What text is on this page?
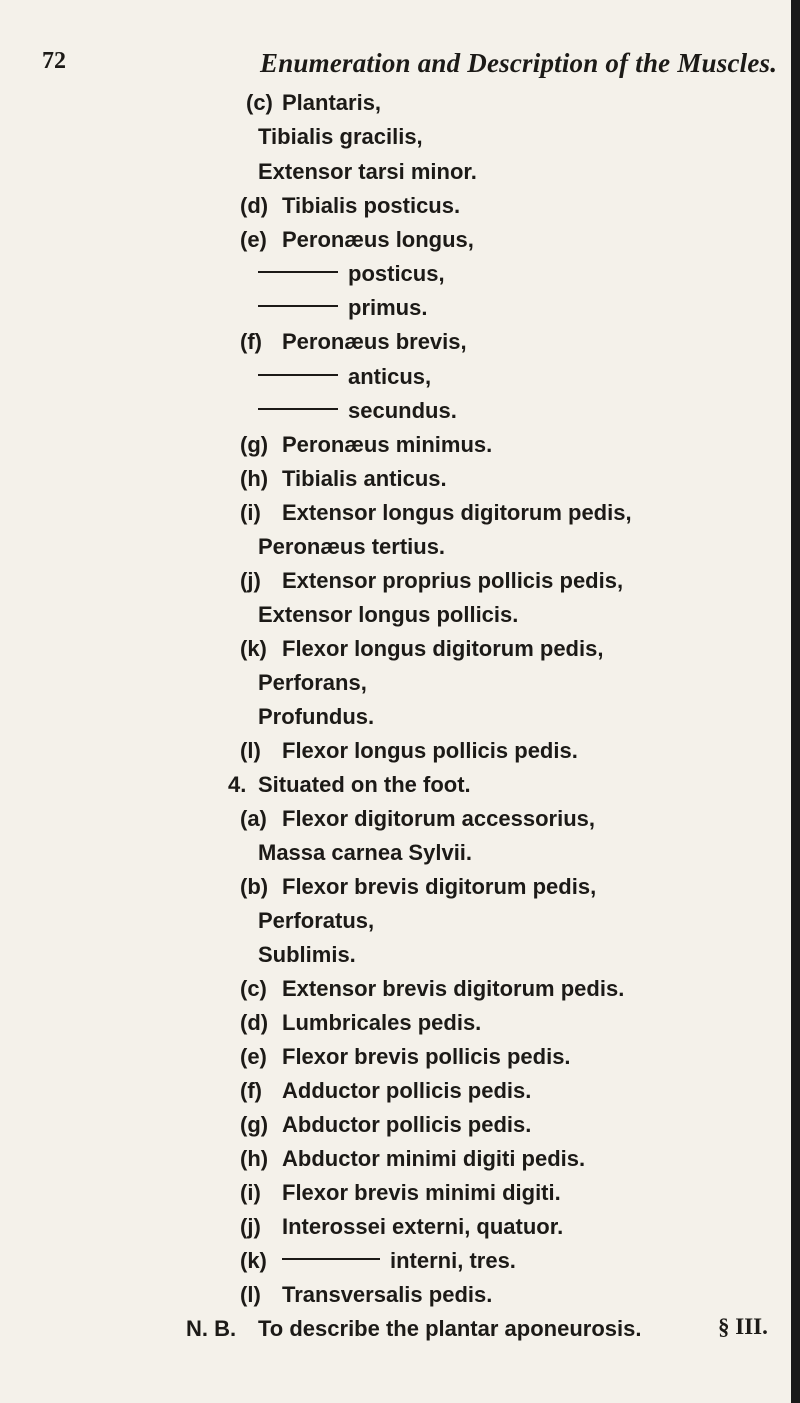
72	Enumeration and Description of the Muscles.
(c) Plantaris,
Tibialis gracilis,
Extensor tarsi minor.
(d) Tibialis posticus.
(e) Peronæus longus,
posticus,
primus.
(f) Peronæus brevis,
anticus,
secundus.
(g) Peronæus minimus.
(h) Tibialis anticus.
(i) Extensor longus digitorum pedis,
Peronæus tertius.
(j) Extensor proprius pollicis pedis,
Extensor longus pollicis.
(k) Flexor longus digitorum pedis,
Perforans,
Profundus.
(l) Flexor longus pollicis pedis.
4. Situated on the foot.
(a) Flexor digitorum accessorius,
Massa carnea Sylvii.
(b) Flexor brevis digitorum pedis,
Perforatus,
Sublimis.
(c) Extensor brevis digitorum pedis.
(d) Lumbricales pedis.
(e) Flexor brevis pollicis pedis.
(f) Adductor pollicis pedis.
(g) Abductor pollicis pedis.
(h) Abductor minimi digiti pedis.
(i) Flexor brevis minimi digiti.
(j) Interossei externi, quatuor.
(k)	interni, tres.
(l) Transversalis pedis.
N. B. To describe the plantar aponeurosis.	§ III.
